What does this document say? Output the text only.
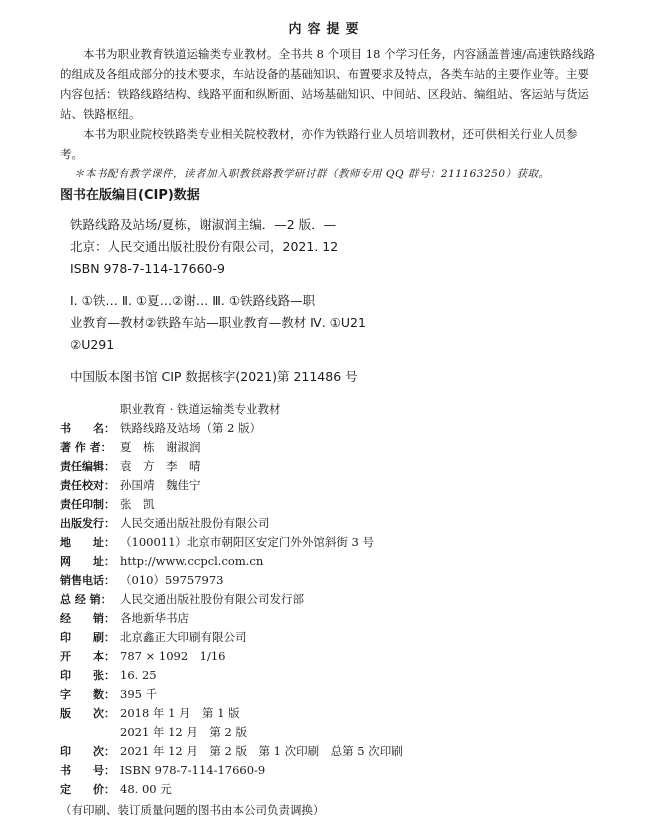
内容提要

本书为职业教育铁道运输类专业教材。全书共 8 个项目 18 个学习任务，内容涵盖普速/高速铁路线路的组成及各组成部分的技术要求，车站设备的基础知识、布置要求及特点，各类车站的主要作业等。主要内容包括：铁路线路结构、线路平面和纵断面、站场基础知识、中间站、区段站、编组站、客运站与货运站、铁路枢纽。

本书为职业院校铁路类专业相关院校教材，亦作为铁路行业人员培训教材，还可供相关行业人员参考。

＊本书配有教学课件，读者加入职教铁路教学研讨群（教师专用 QQ 群号：211163250）获取。

图书在版编目(CIP)数据
铁路线路及站场/夏栋，谢淑润主编．—2 版．—
北京：人民交通出版社股份有限公司，2021. 12
ISBN 978-7-114-17660-9
Ⅰ. ①铁… Ⅱ. ①夏…②谢… Ⅲ. ①铁路线路—职
业教育—教材②铁路车站—职业教育—教材 Ⅳ. ①U21
②U291
中国版本图书馆 CIP 数据核字(2021)第 211486 号
职业教育 · 铁道运输类专业教材
书　　名： 铁路线路及站场（第 2 版）
著 作 者： 夏　栋　谢淑润
责任编辑： 袁　方　李　晴
责任校对： 孙国靖　魏佳宁
责任印制： 张　凯
出版发行： 人民交通出版社股份有限公司
地　　址： （100011）北京市朝阳区安定门外外馆斜街 3 号
网　　址： http://www.ccpcl.com.cn
销售电话： （010）59757973
总 经 销： 人民交通出版社股份有限公司发行部
经　　销： 各地新华书店
印　　刷： 北京鑫正大印刷有限公司
开　　本： 787 × 1092　1/16
印　　张： 16. 25
字　　数： 395 千
版　　次： 2018 年 1 月　第 1 版
2021 年 12 月　第 2 版
印　　次： 2021 年 12 月　第 2 版　第 1 次印刷　总第 5 次印刷
书　　号： ISBN 978-7-114-17660-9
定　　价： 48. 00 元
（有印刷、装订质量问题的图书由本公司负责调换）
